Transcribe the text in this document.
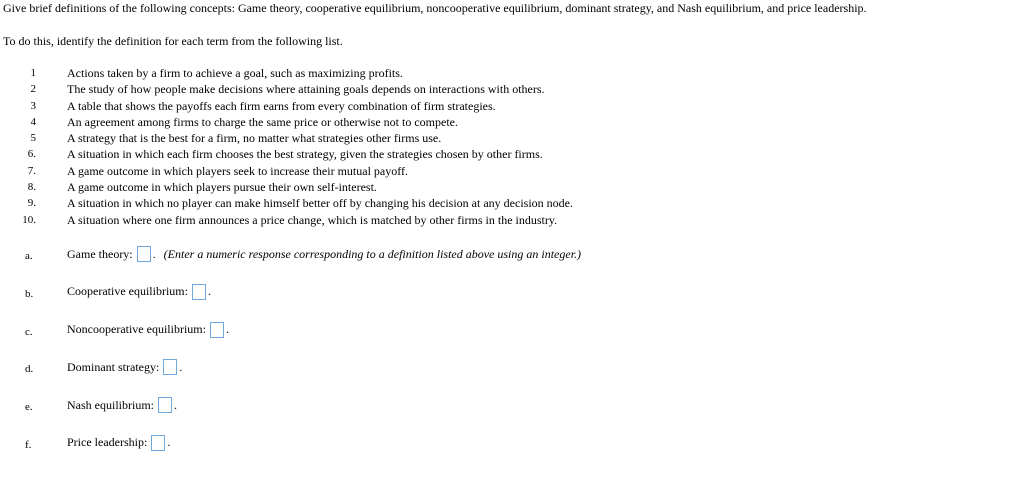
Give brief definitions of the following concepts: Game theory, cooperative equilibrium, noncooperative equilibrium, dominant strategy, and Nash equilibrium, and price leadership.
To do this, identify the definition for each term from the following list.
1	Actions taken by a firm to achieve a goal, such as maximizing profits.
2	The study of how people make decisions where attaining goals depends on interactions with others.
3	A table that shows the payoffs each firm earns from every combination of firm strategies.
4	An agreement among firms to charge the same price or otherwise not to compete.
5	A strategy that is the best for a firm, no matter what strategies other firms use.
6.	A situation in which each firm chooses the best strategy, given the strategies chosen by other firms.
7.	A game outcome in which players seek to increase their mutual payoff.
8.	A game outcome in which players pursue their own self-interest.
9.	A situation in which no player can make himself better off by changing his decision at any decision node.
10.	A situation where one firm announces a price change, which is matched by other firms in the industry.
a.	Game theory: . (Enter a numeric response corresponding to a definition listed above using an integer.)
b.	Cooperative equilibrium: .
c.	Noncooperative equilibrium: .
d.	Dominant strategy: .
e.	Nash equilibrium: .
f.	Price leadership: .
